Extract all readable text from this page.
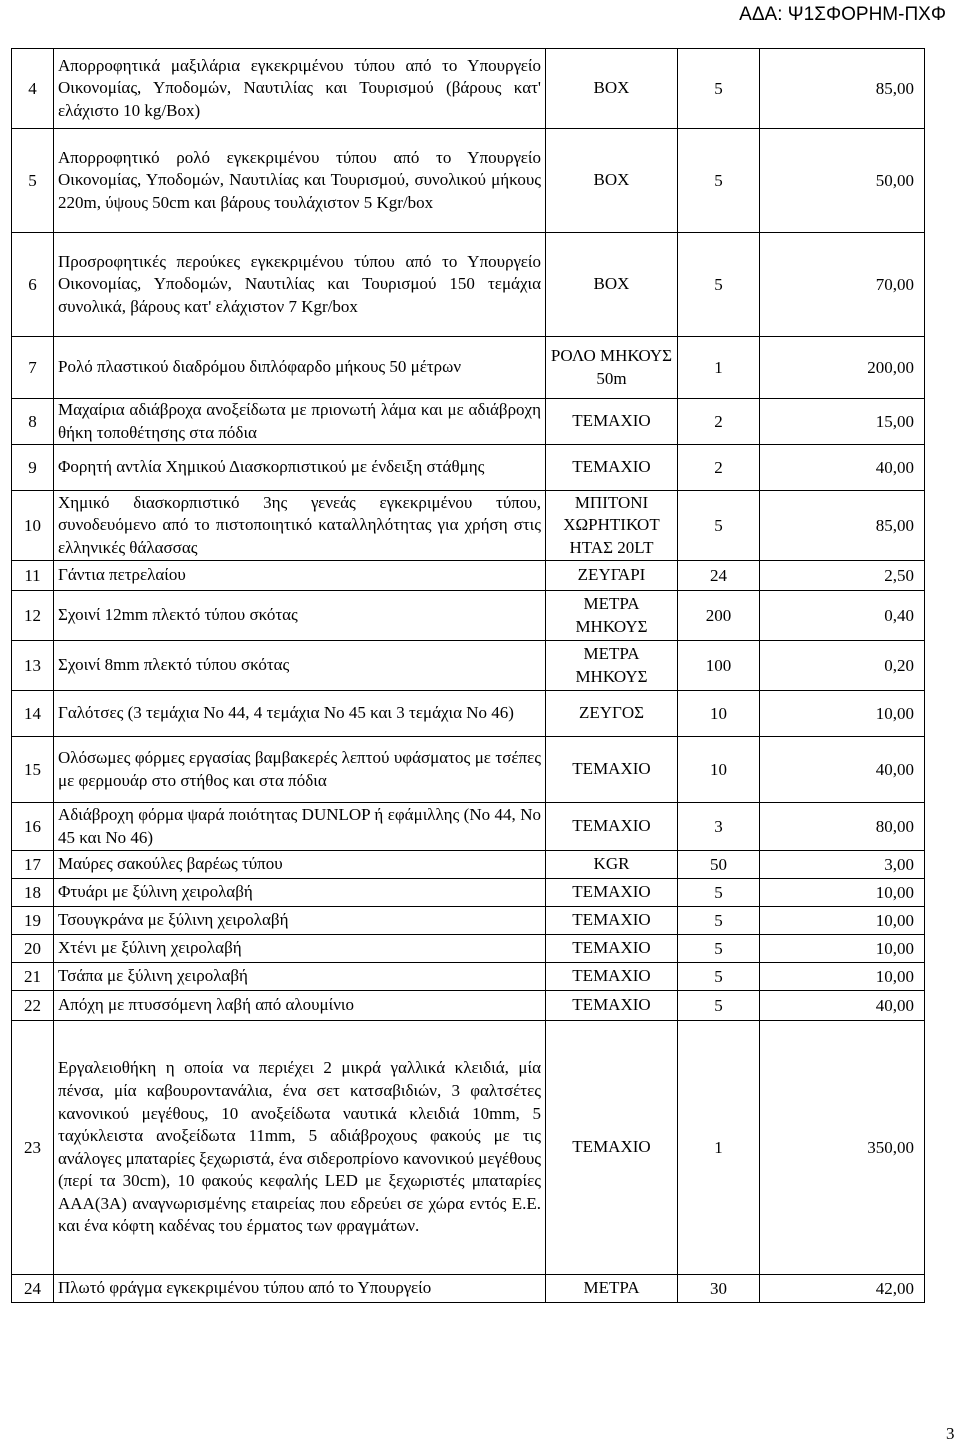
ΑΔΑ: Ψ1ΣΦΟΡΗΜ-ΠΧΦ
4	Απορροφητικά μαξιλάρια εγκεκριμένου τύπου από το Υπουργείο Οικονομίας, Υποδομών, Ναυτιλίας και Τουρισμού (βάρους κατ' ελάχιστο 10 kg/Box)	BOX	5	85,00
5	Απορροφητικό ρολό εγκεκριμένου τύπου από το Υπουργείο Οικονομίας, Υποδομών, Ναυτιλίας και Τουρισμού, συνολικού μήκους 220m, ύψους 50cm και βάρους τουλάχιστον 5 Kgr/box	BOX	5	50,00
6	Προσροφητικές περούκες εγκεκριμένου τύπου από το Υπουργείο Οικονομίας, Υποδομών, Ναυτιλίας και Τουρισμού 150 τεμάχια συνολικά, βάρους κατ' ελάχιστον 7 Kgr/box	BOX	5	70,00
7	Ρολό πλαστικού διαδρόμου διπλόφαρδο μήκους 50 μέτρων	ΡΟΛΟ ΜΗΚΟΥΣ 50m	1	200,00
8	Μαχαίρια αδιάβροχα ανοξείδωτα με πριονωτή λάμα και με αδιάβροχη θήκη τοποθέτησης στα πόδια	ΤΕΜΑΧΙΟ	2	15,00
9	Φορητή αντλία Χημικού Διασκορπιστικού με ένδειξη στάθμης	ΤΕΜΑΧΙΟ	2	40,00
10	Χημικό διασκορπιστικό 3ης γενεάς εγκεκριμένου τύπου, συνοδευόμενο από το πιστοποιητικό καταλληλότητας για χρήση στις ελληνικές θάλασσας	ΜΠΙΤΟΝΙ ΧΩΡΗΤΙΚΟΤ ΗΤΑΣ 20LT	5	85,00
11	Γάντια πετρελαίου	ΖΕΥΓΑΡΙ	24	2,50
12	Σχοινί 12mm πλεκτό τύπου σκότας	ΜΕΤΡΑ ΜΗΚΟΥΣ	200	0,40
13	Σχοινί 8mm πλεκτό τύπου σκότας	ΜΕΤΡΑ ΜΗΚΟΥΣ	100	0,20
14	Γαλότσες (3 τεμάχια Νο 44, 4 τεμάχια Νο 45 και 3 τεμάχια Νο 46)	ΖΕΥΓΟΣ	10	10,00
15	Ολόσωμες φόρμες εργασίας βαμβακερές λεπτού υφάσματος με τσέπες με φερμουάρ στο στήθος και στα πόδια	ΤΕΜΑΧΙΟ	10	40,00
16	Αδιάβροχη φόρμα ψαρά ποιότητας DUNLOP ή εφάμιλλης (Νο 44, Νο 45 και Νο 46)	ΤΕΜΑΧΙΟ	3	80,00
17	Μαύρες σακούλες βαρέως τύπου	KGR	50	3,00
18	Φτυάρι με ξύλινη χειρολαβή	ΤΕΜΑΧΙΟ	5	10,00
19	Τσουγκράνα με ξύλινη χειρολαβή	ΤΕΜΑΧΙΟ	5	10,00
20	Χτένι με ξύλινη χειρολαβή	ΤΕΜΑΧΙΟ	5	10,00
21	Τσάπα με ξύλινη χειρολαβή	ΤΕΜΑΧΙΟ	5	10,00
22	Απόχη με πτυσσόμενη λαβή από αλουμίνιο	ΤΕΜΑΧΙΟ	5	40,00
23	Εργαλειοθήκη η οποία να περιέχει 2 μικρά γαλλικά κλειδιά, μία πένσα, μία καβουροντανάλια, ένα σετ κατσαβιδιών, 3 φαλτσέτες κανονικού μεγέθους, 10 ανοξείδωτα ναυτικά κλειδιά 10mm, 5 ταχύκλειστα ανοξείδωτα 11mm, 5 αδιάβροχους φακούς με τις ανάλογες μπαταρίες ξεχωριστά, ένα σιδεροπρίονο κανονικού μεγέθους (περί τα 30cm), 10 φακούς κεφαλής LED με ξεχωριστές μπαταρίες ΑΑΑ(3Α) αναγνωρισμένης εταιρείας που εδρεύει σε χώρα εντός Ε.Ε. και ένα κόφτη καδένας του έρματος των φραγμάτων.	ΤΕΜΑΧΙΟ	1	350,00
24	Πλωτό φράγμα εγκεκριμένου τύπου από το Υπουργείο	ΜΕΤΡΑ	30	42,00
3
